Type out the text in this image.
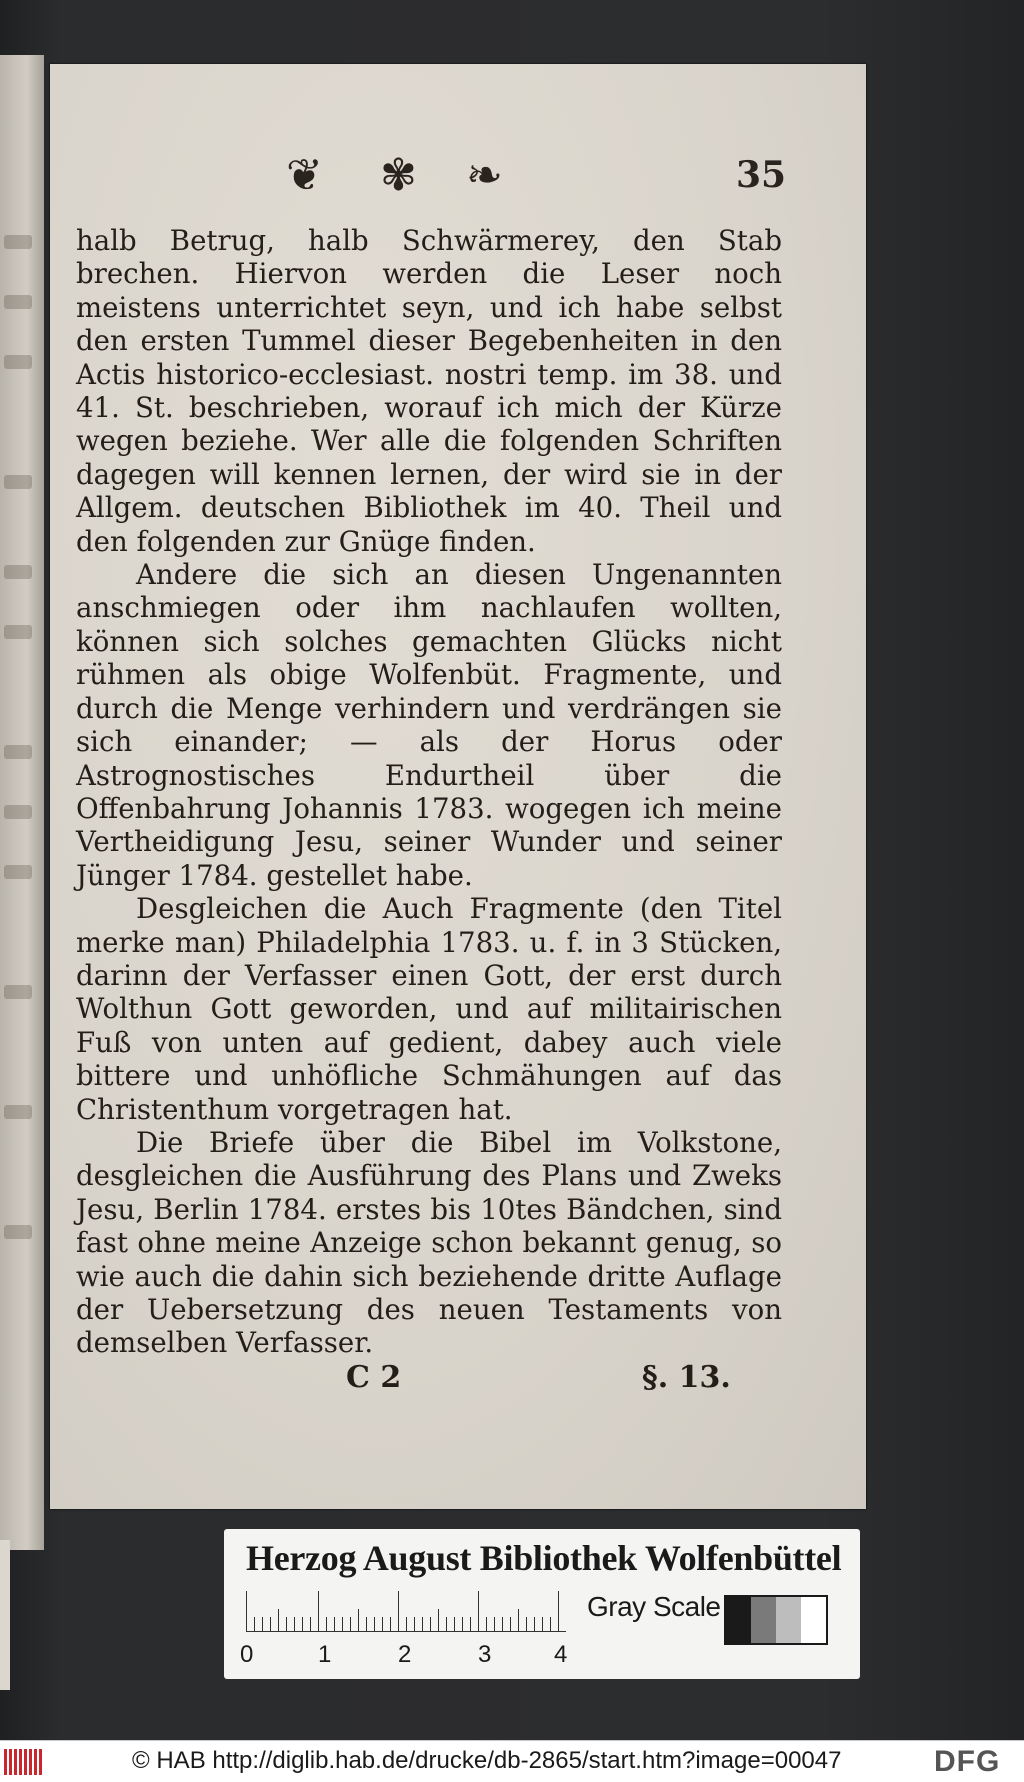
❦ ✾ ❧	35

halb Betrug, halb Schwärmerey, den Stab brechen. Hiervon werden die Leser noch meistens unterrichtet seyn, und ich habe selbst den ersten Tummel dieser Begebenheiten in den Actis historico-ecclesiast. nostri temp. im 38. und 41. St. beschrieben, worauf ich mich der Kürze wegen beziehe. Wer alle die folgenden Schriften dagegen will kennen lernen, der wird sie in der Allgem. deutschen Bibliothek im 40. Theil und den folgenden zur Gnüge finden.

Andere die sich an diesen Ungenannten anschmiegen oder ihm nachlaufen wollten, können sich solches gemachten Glücks nicht rühmen als obige Wolfenbüt. Fragmente, und durch die Menge verhindern und verdrängen sie sich einander; — als der Horus oder Astrognostisches Endurtheil über die Offenbahrung Johannis 1783. wogegen ich meine Vertheidigung Jesu, seiner Wunder und seiner Jünger 1784. gestellet habe.

Desgleichen die Auch Fragmente (den Titel merke man) Philadelphia 1783. u. f. in 3 Stücken, darinn der Verfasser einen Gott, der erst durch Wolthun Gott geworden, und auf militairischen Fuß von unten auf gedient, dabey auch viele bittere und unhöfliche Schmähungen auf das Christenthum vorgetragen hat.

Die Briefe über die Bibel im Volkstone, desgleichen die Ausführung des Plans und Zweks Jesu, Berlin 1784. erstes bis 10tes Bändchen, sind fast ohne meine Anzeige schon bekannt genug, so wie auch die dahin sich beziehende dritte Auflage der Uebersetzung des neuen Testaments von demselben Verfasser.

C 2	§. 13.
Herzog August Bibliothek Wolfenbüttel
0	1	2	3	4
Gray Scale
© HAB http://diglib.hab.de/drucke/db-2865/start.htm?image=00047	DFG
